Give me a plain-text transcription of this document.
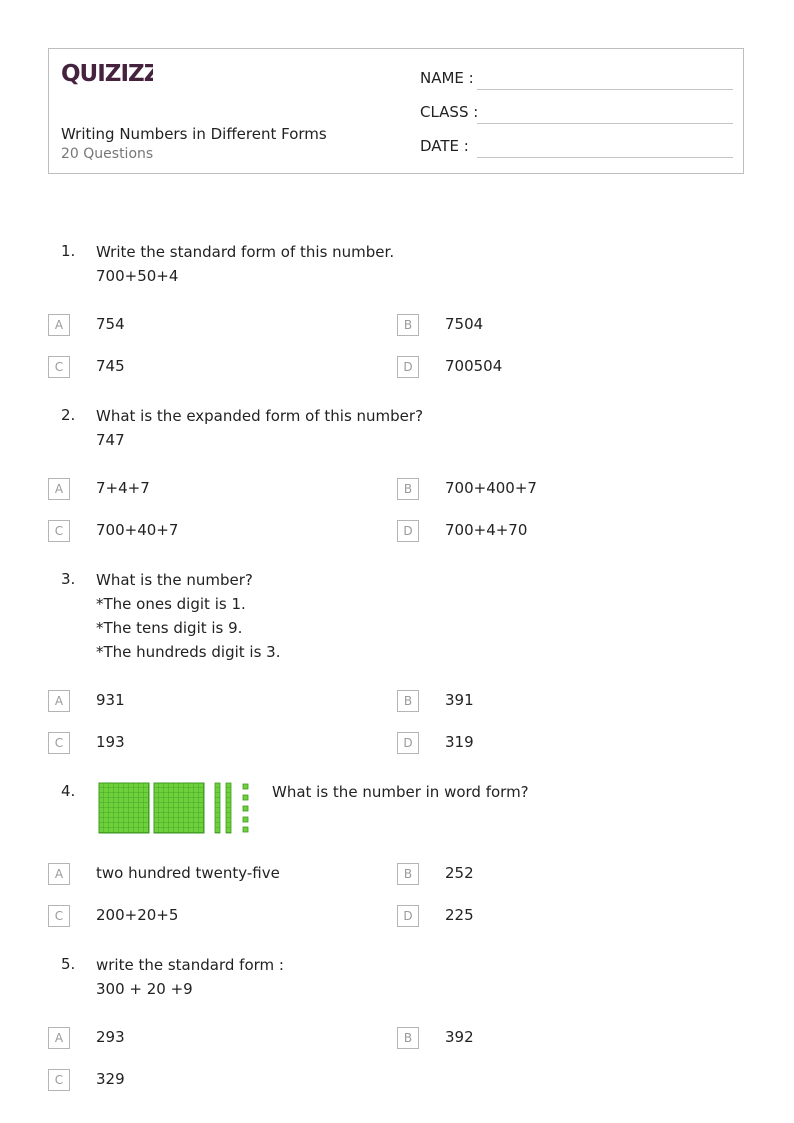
QUIZIZZ
Writing Numbers in Different Forms
20 Questions
NAME :
CLASS :
DATE :
1. Write the standard form of this number.
700+50+4
A	754	B	7504
C	745	D	700504
2. What is the expanded form of this number?
747
A	7+4+7	B	700+400+7
C	700+40+7	D	700+4+70
3. What is the number?
*The ones digit is 1.
*The tens digit is 9.
*The hundreds digit is 3.
A	931	B	391
C	193	D	319
4.	What is the number in word form?
A	two hundred twenty-five	B	252
C	200+20+5	D	225
5. write the standard form :
300 + 20 +9
A	293	B	392
C	329
